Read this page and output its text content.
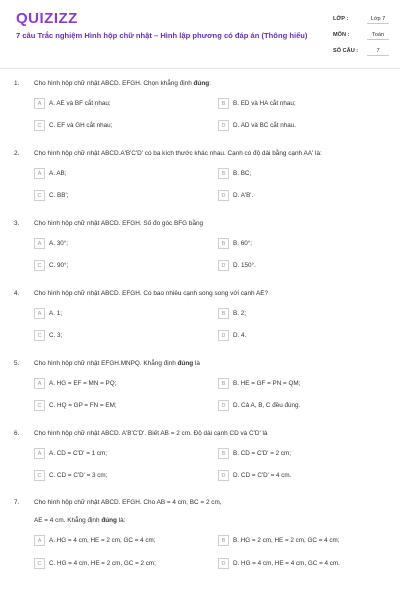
QUIZIZZ
7 câu Trắc nghiệm Hình hộp chữ nhật – Hình lập phương có đáp án (Thông hiểu)
LỚP :	Lớp 7
MÔN :	Toán
SỐ CÂU :	7
1. Cho hình hộp chữ nhật ABCD. EFGH. Chọn khẳng định đúng:
A	A. AE và BF cắt nhau;	B	B. ED và HA cắt nhau;
C	C. EF và GH cắt nhau;	D	D. AD và BC cắt nhau.
2. Cho hình hộp chữ nhật ABCD.A'B'C'D' có ba kích thước khác nhau. Cạnh có độ dài bằng cạnh AA' là:
A	A. AB;	B	B. BC;
C	C. BB';	D	D. A'B'.
3. Cho hình hộp chữ nhật ABCD. EFGH. Số đo góc BFG bằng
A	A. 30°;	B	B. 60°;
C	C. 90°;	D	D. 150°.
4. Cho hình hộp chữ nhật ABCD. EFGH. Có bao nhiêu cạnh song song với cạnh AE?
A	A. 1;	B	B. 2;
C	C. 3;	D	D. 4.
5. Cho hình hộp chữ nhật EFGH.MNPQ. Khẳng định đúng là
A	A. HG = EF = MN = PQ;	B	B. HE = GF = PN = QM;
C	C. HQ = GP = FN = EM;	D	D. Cả A, B, C đều đúng.
6. Cho hình hộp chữ nhật ABCD. A'B'C'D'. Biết AB = 2 cm. Độ dài cạnh CD và C'D' là
A	A. CD = C'D' = 1 cm;	B	B. CD = C'D' = 2 cm;
C	C. CD = C'D' = 3 cm;	D	D. CD = C'D' = 4 cm.
7. Cho hình hộp chữ nhật ABCD. EFGH. Cho AB = 4 cm, BC = 2 cm,
AE = 4 cm. Khẳng định đúng là:
A	A. HG = 4 cm, HE = 2 cm, GC = 4 cm;	B	B. HG = 2 cm, HE = 2 cm, GC = 4 cm;
C	C. HG = 4 cm, HE = 2 cm, GC = 2 cm;	D	D. HG = 4 cm, HE = 4 cm, GC = 4 cm.
